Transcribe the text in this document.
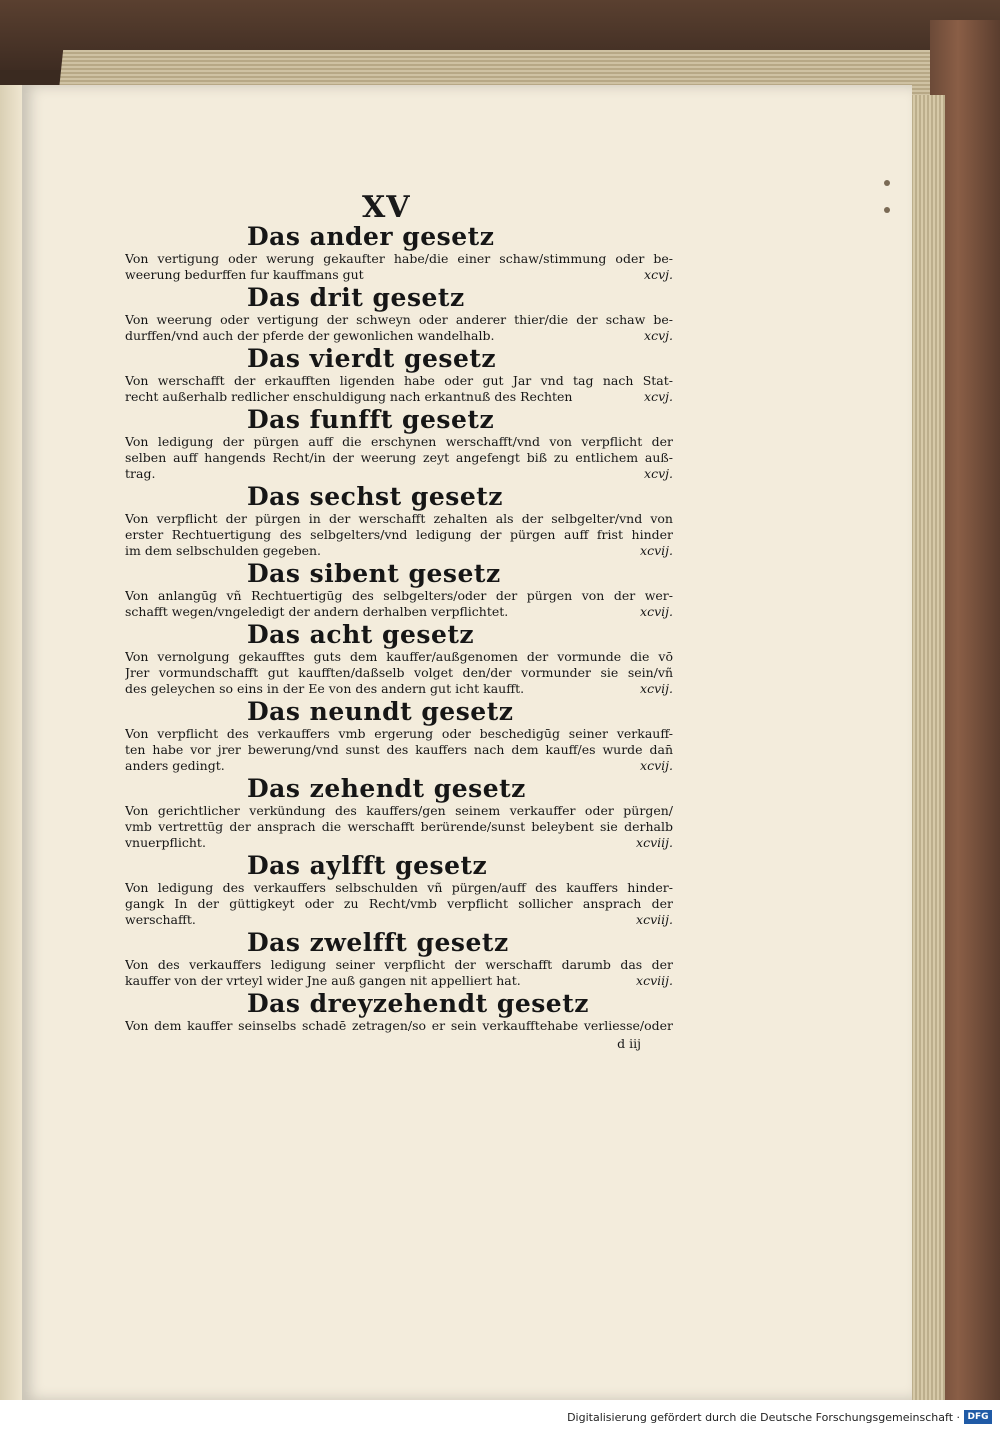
XV
Das ander gesetz
Von vertigung oder werung gekaufter habe/die einer schaw/stimmung oder be-
weerung bedurffen fur kauffmans gut	xcvj.
Das drit gesetz
Von weerung oder vertigung der schweyn oder anderer thier/die der schaw be-
durffen/vnd auch der pferde der gewonlichen wandelhalb.	xcvj.
Das vierdt gesetz
Von werschafft der erkaufften ligenden habe oder gut Jar vnd tag nach Stat-
recht außerhalb redlicher enschuldigung nach erkantnuß des Rechten	xcvj.
Das funfft gesetz
Von ledigung der pürgen auff die erschynen werschafft/vnd von verpflicht der
selben auff hangends Recht/in der weerung zeyt angefengt biß zu entlichem auß-
trag.	xcvj.
Das sechst gesetz
Von verpflicht der pürgen in der werschafft zehalten als der selbgelter/vnd von
erster Rechtuertigung des selbgelters/vnd ledigung der pürgen auff frist hinder
im dem selbschulden gegeben.	xcvij.
Das sibent gesetz
Von anlangūg vñ Rechtuertigūg des selbgelters/oder der pürgen von der wer-
schafft wegen/vngeledigt der andern derhalben verpflichtet.	xcvij.
Das acht gesetz
Von vernolgung gekaufftes guts dem kauffer/außgenomen der vormunde die vō
Jrer vormundschafft gut kaufften/daßselb volget den/der vormunder sie sein/vñ
des geleychen so eins in der Ee von des andern gut icht kaufft.	xcvij.
Das neundt gesetz
Von verpflicht des verkauffers vmb ergerung oder beschedigūg seiner verkauff-
ten habe vor jrer bewerung/vnd sunst des kauffers nach dem kauff/es wurde dan̄
anders gedingt.	xcvij.
Das zehendt gesetz
Von gerichtlicher verkündung des kauffers/gen seinem verkauffer oder pürgen/
vmb vertrettūg der ansprach die werschafft berürende/sunst beleybent sie derhalb
vnuerpflicht.	xcviij.
Das aylfft gesetz
Von ledigung des verkauffers selbschulden vñ pürgen/auff des kauffers hinder-
gangk In der güttigkeyt oder zu Recht/vmb verpflicht sollicher ansprach der
werschafft.	xcviij.
Das zwelfft gesetz
Von des verkauffers ledigung seiner verpflicht der werschafft darumb das der
kauffer von der vrteyl wider Jne auß gangen nit appelliert hat.	xcviij.
Das dreyzehendt gesetz
Von dem kauffer seinselbs schadē zetragen/so er sein verkaufftehabe verliesse/oder
d iij
Digitalisierung gefördert durch die Deutsche Forschungsgemeinschaft · DFG
